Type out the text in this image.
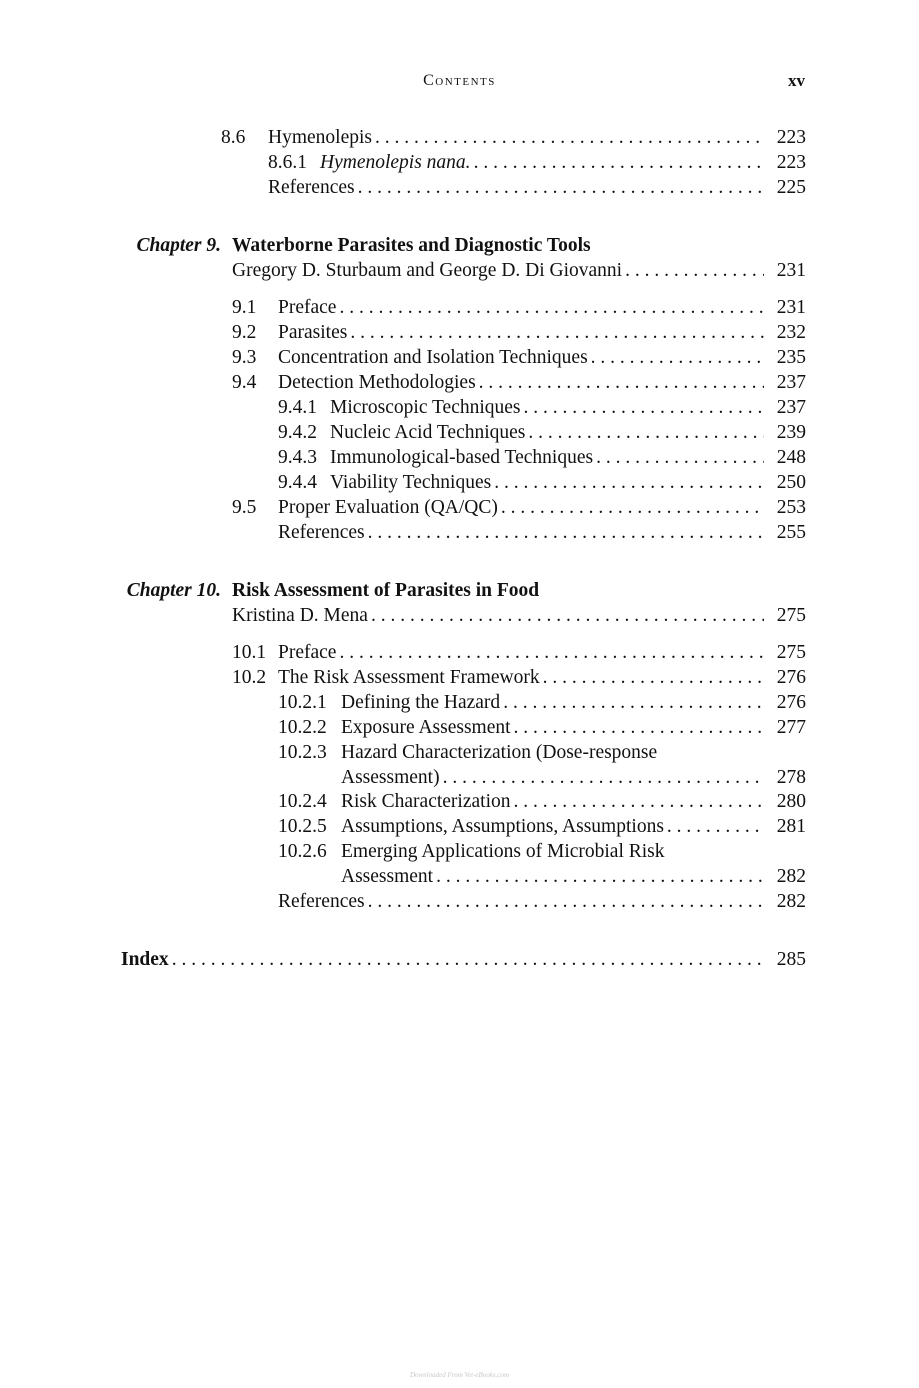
Contents	xv
8.6	Hymenolepis . . .	223
8.6.1 Hymenolepis nana. . . .	223
References . . .	225
Chapter 9. Waterborne Parasites and Diagnostic Tools
Gregory D. Sturbaum and George D. Di Giovanni . . .	231
9.1	Preface . . .	231
9.2	Parasites . . .	232
9.3	Concentration and Isolation Techniques . . .	235
9.4	Detection Methodologies . . .	237
9.4.1 Microscopic Techniques . . .	237
9.4.2 Nucleic Acid Techniques . . .	239
9.4.3 Immunological-based Techniques . . .	248
9.4.4 Viability Techniques . . .	250
9.5	Proper Evaluation (QA/QC) . . .	253
References . . .	255
Chapter 10. Risk Assessment of Parasites in Food
Kristina D. Mena . . .	275
10.1 Preface . . .	275
10.2 The Risk Assessment Framework . . .	276
10.2.1 Defining the Hazard . . .	276
10.2.2 Exposure Assessment . . .	277
10.2.3 Hazard Characterization (Dose-response
Assessment) . . .	278
10.2.4 Risk Characterization . . .	280
10.2.5 Assumptions, Assumptions, Assumptions . . .	281
10.2.6 Emerging Applications of Microbial Risk
Assessment . . .	282
References . . .	282
Index . . .	285
Downloaded From Vet-eBooks.com
